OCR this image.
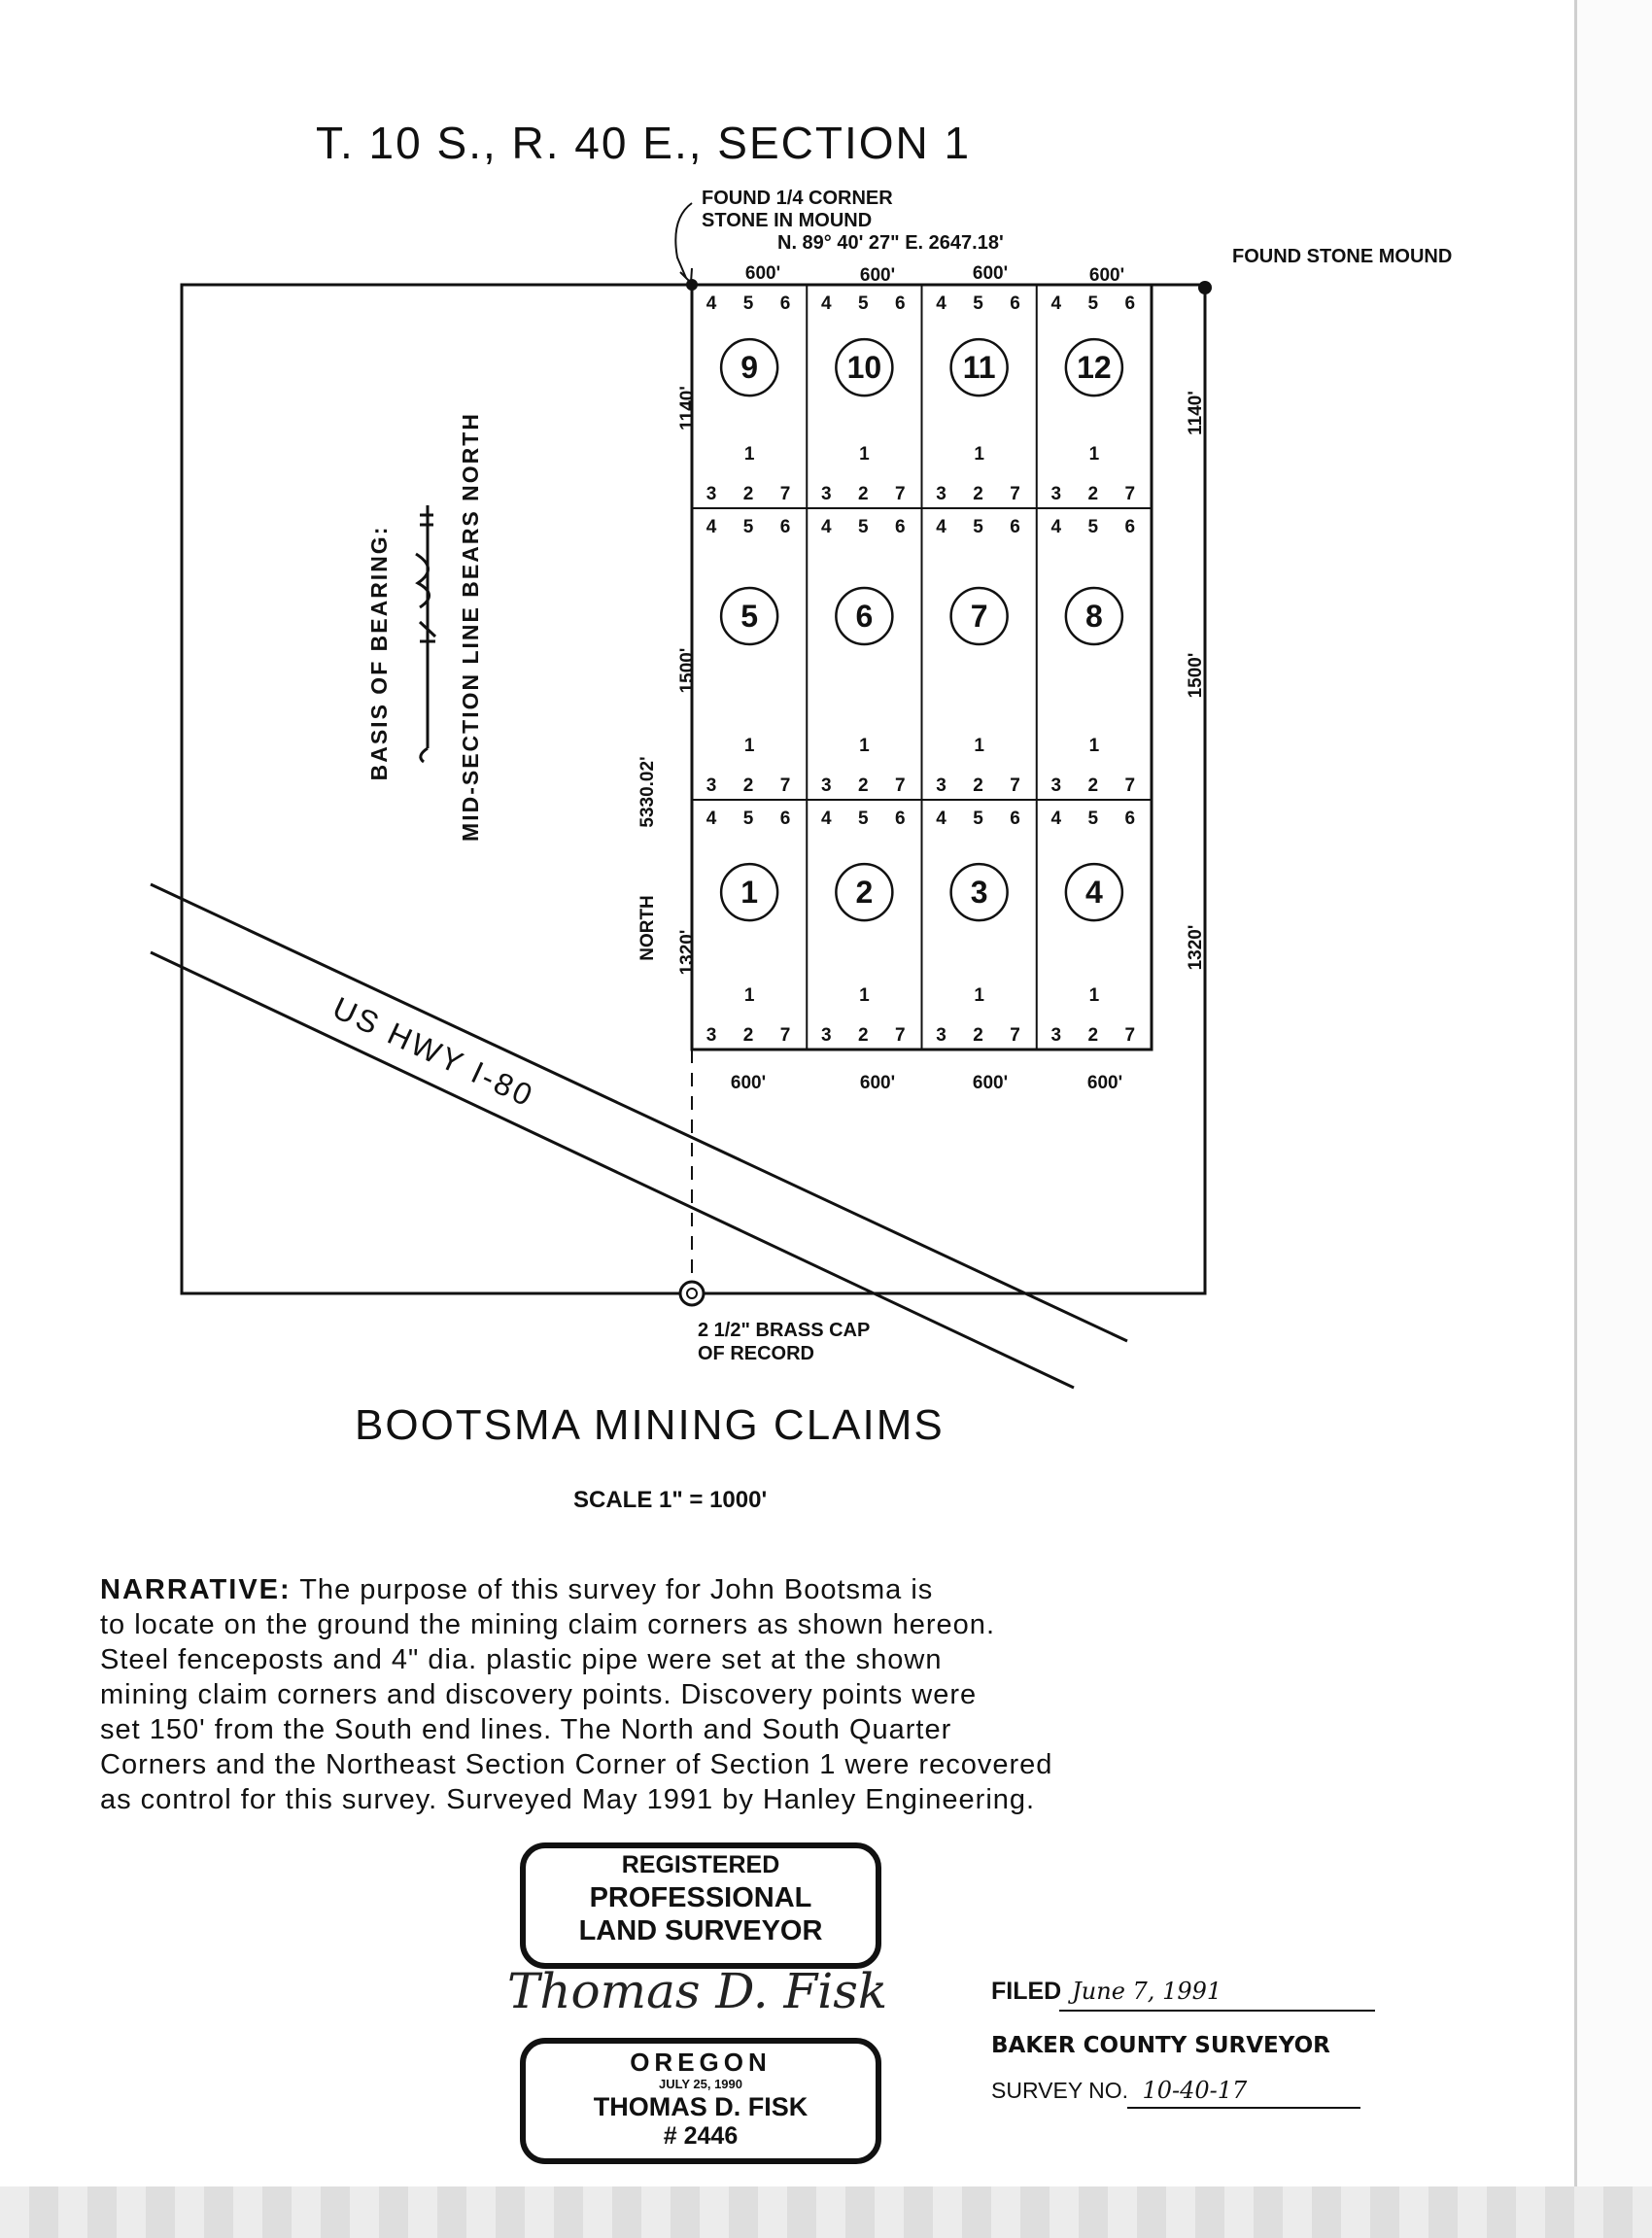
T. 10 S., R. 40 E., SECTION 1
US HWY I-80
FOUND 1/4 CORNER
STONE IN MOUND
N. 89° 40' 27" E. 2647.18'
FOUND STONE MOUND
2 1/2" BRASS CAP
OF RECORD
600'	600'	600'	600'
600'	600'	600'	600'
1140'
1500'
1320'
1140'
1500'
1320'
NORTH
5330.02'
BASIS OF BEARING:	MID-SECTION LINE BEARS NORTH
4 5 6
3 2 7
9
1
4 5 6
3 2 7
10
1
4 5 6
3 2 7
11
1
4 5 6
3 2 7
12
1
4 5 6
3 2 7
5
1
4 5 6
3 2 7
6
1
4 5 6
3 2 7
7
1
4 5 6
3 2 7
8
1
4 5 6
3 2 7
1
1
4 5 6
3 2 7
2
1
4 5 6
3 2 7
3
1
4 5 6
3 2 7
4
1
BOOTSMA MINING CLAIMS
SCALE 1" = 1000'
NARRATIVE: The purpose of this survey for John Bootsma is
to locate on the ground the mining claim corners as shown hereon.
Steel fenceposts and 4" dia. plastic pipe were set at the shown
mining claim corners and discovery points. Discovery points were
set 150' from the South end lines. The North and South Quarter
Corners and the Northeast Section Corner of Section 1 were recovered
as control for this survey. Surveyed May 1991 by Hanley Engineering.
REGISTERED
PROFESSIONAL
LAND SURVEYOR
Thomas D. Fisk
OREGON
JULY 25, 1990
THOMAS D. FISK
# 2446
FILED June 7, 1991
BAKER COUNTY SURVEYOR
SURVEY NO. 10-40-17
